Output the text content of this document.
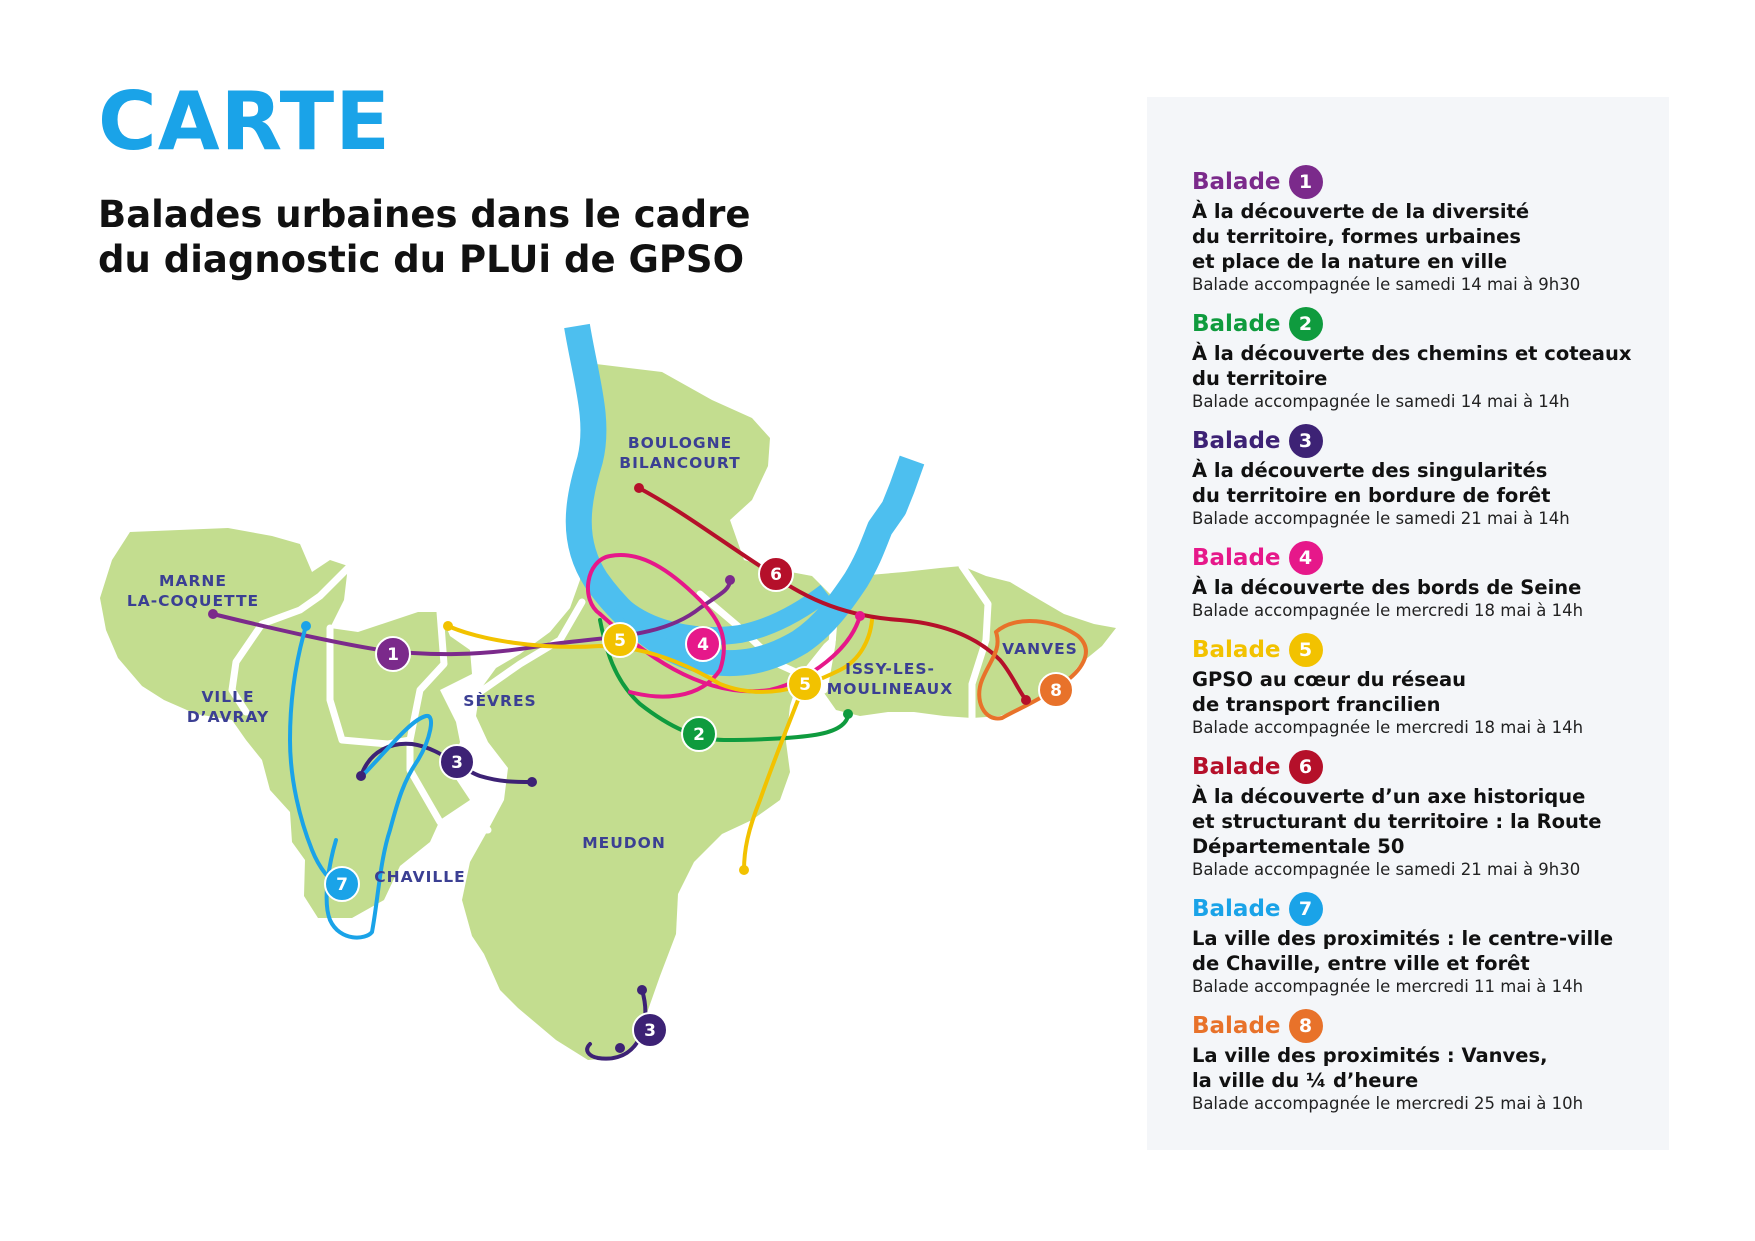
CARTE
Balades urbaines dans le cadre du diagnostic du PLUi de GPSO
BOULOGNE BILANCOURT
MARNE LA-COQUETTE
VILLE D’AVRAY
SÈVRES
ISSY-LES-MOULINEAUX
VANVES
MEUDON
CHAVILLE
1
2
3
4
5
5
6
7
8
3
Balade 1
À la découverte de la diversité
du territoire, formes urbaines
et place de la nature en ville
Balade accompagnée le samedi 14 mai à 9h30
Balade 2
À la découverte des chemins et coteaux
du territoire
Balade accompagnée le samedi 14 mai à 14h
Balade 3
À la découverte des singularités
du territoire en bordure de forêt
Balade accompagnée le samedi 21 mai à 14h
Balade 4
À la découverte des bords de Seine
Balade accompagnée le mercredi 18 mai à 14h
Balade 5
GPSO au cœur du réseau
de transport francilien
Balade accompagnée le mercredi 18 mai à 14h
Balade 6
À la découverte d’un axe historique
et structurant du territoire : la Route
Départementale 50
Balade accompagnée le samedi 21 mai à 9h30
Balade 7
La ville des proximités : le centre-ville
de Chaville, entre ville et forêt
Balade accompagnée le mercredi 11 mai à 14h
Balade 8
La ville des proximités : Vanves,
la ville du ¼ d’heure
Balade accompagnée le mercredi 25 mai à 10h
